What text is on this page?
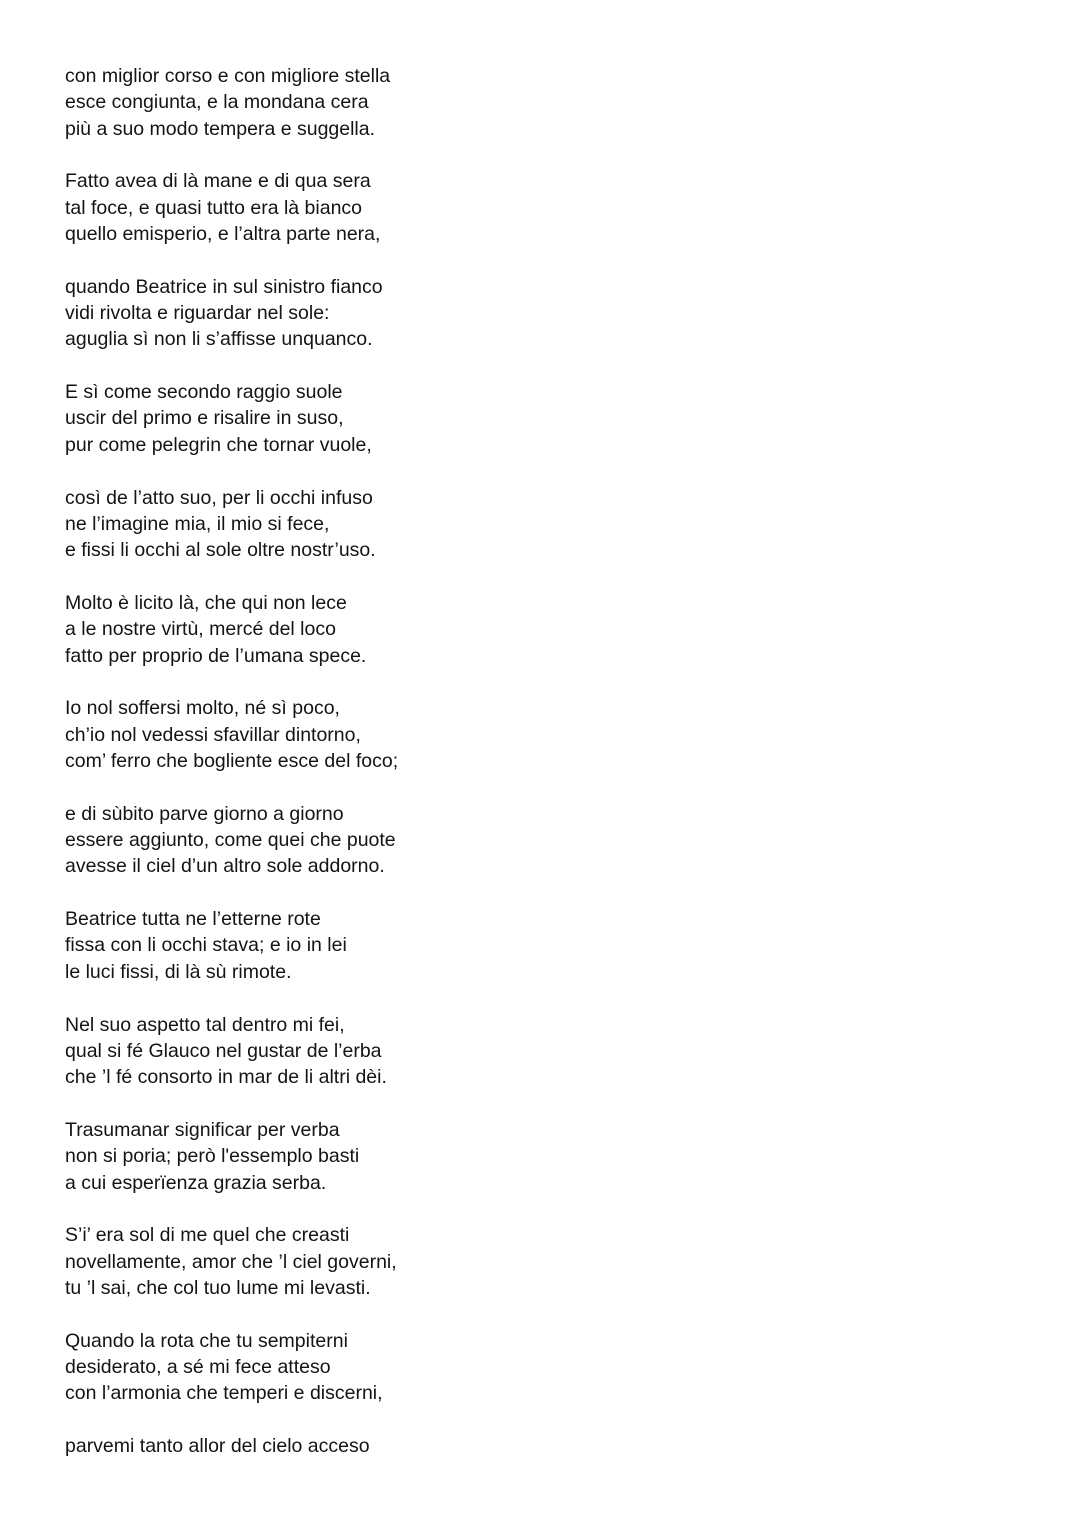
con miglior corso e con migliore stella
esce congiunta, e la mondana cera
più a suo modo tempera e suggella.
Fatto avea di là mane e di qua sera
tal foce, e quasi tutto era là bianco
quello emisperio, e l’altra parte nera,
quando Beatrice in sul sinistro fianco
vidi rivolta e riguardar nel sole:
aguglia sì non li s’affisse unquanco.
E sì come secondo raggio suole
uscir del primo e risalire in suso,
pur come pelegrin che tornar vuole,
così de l’atto suo, per li occhi infuso
ne l’imagine mia, il mio si fece,
e fissi li occhi al sole oltre nostr’uso.
Molto è licito là, che qui non lece
a le nostre virtù, mercé del loco
fatto per proprio de l’umana spece.
Io nol soffersi molto, né sì poco,
ch’io nol vedessi sfavillar dintorno,
com’ ferro che bogliente esce del foco;
e di sùbito parve giorno a giorno
essere aggiunto, come quei che puote
avesse il ciel d’un altro sole addorno.
Beatrice tutta ne l’etterne rote
fissa con li occhi stava; e io in lei
le luci fissi, di là sù rimote.
Nel suo aspetto tal dentro mi fei,
qual si fé Glauco nel gustar de l’erba
che ’l fé consorto in mar de li altri dèi.
Trasumanar significar per verba
non si poria; però l'essemplo basti
a cui esperïenza grazia serba.
S’i’ era sol di me quel che creasti
novellamente, amor che ’l ciel governi,
tu ’l sai, che col tuo lume mi levasti.
Quando la rota che tu sempiterni
desiderato, a sé mi fece atteso
con l’armonia che temperi e discerni,
parvemi tanto allor del cielo acceso
